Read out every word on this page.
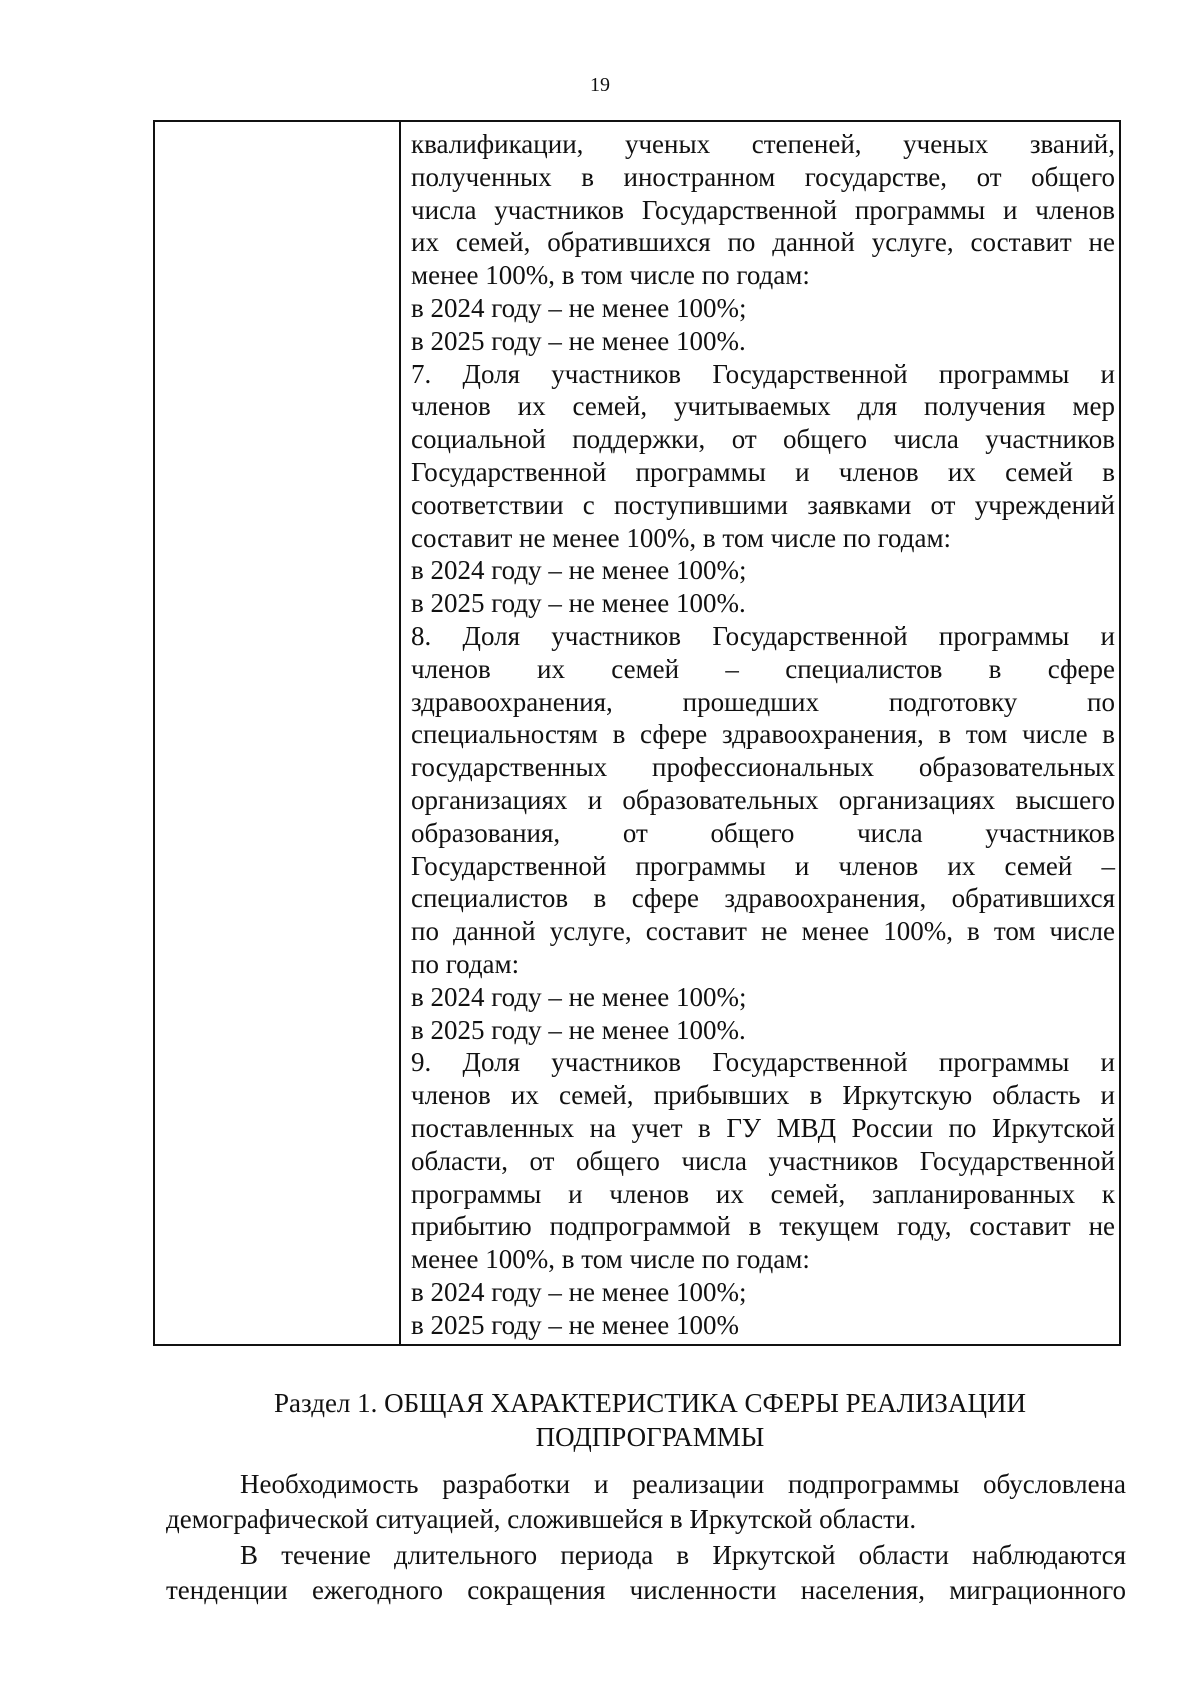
19
квалификации, ученых степеней, ученых званий,
полученных в иностранном государстве, от общего
числа участников Государственной программы и членов
их семей, обратившихся по данной услуге, составит не
менее 100%, в том числе по годам:
в 2024 году – не менее 100%;
в 2025 году – не менее 100%.
7. Доля участников Государственной программы и
членов их семей, учитываемых для получения мер
социальной поддержки, от общего числа участников
Государственной программы и членов их семей в
соответствии с поступившими заявками от учреждений
составит не менее 100%, в том числе по годам:
в 2024 году – не менее 100%;
в 2025 году – не менее 100%.
8. Доля участников Государственной программы и
членов их семей – специалистов в сфере
здравоохранения, прошедших подготовку по
специальностям в сфере здравоохранения, в том числе в
государственных профессиональных образовательных
организациях и образовательных организациях высшего
образования, от общего числа участников
Государственной программы и членов их семей –
специалистов в сфере здравоохранения, обратившихся
по данной услуге, составит не менее 100%, в том числе
по годам:
в 2024 году – не менее 100%;
в 2025 году – не менее 100%.
9. Доля участников Государственной программы и
членов их семей, прибывших в Иркутскую область и
поставленных на учет в ГУ МВД России по Иркутской
области, от общего числа участников Государственной
программы и членов их семей, запланированных к
прибытию подпрограммой в текущем году, составит не
менее 100%, в том числе по годам:
в 2024 году – не менее 100%;
в 2025 году – не менее 100%
Раздел 1. ОБЩАЯ ХАРАКТЕРИСТИКА СФЕРЫ РЕАЛИЗАЦИИ
ПОДПРОГРАММЫ
Необходимость разработки и реализации подпрограммы обусловлена
демографической ситуацией, сложившейся в Иркутской области.
В течение длительного периода в Иркутской области наблюдаются
тенденции ежегодного сокращения численности населения, миграционного
